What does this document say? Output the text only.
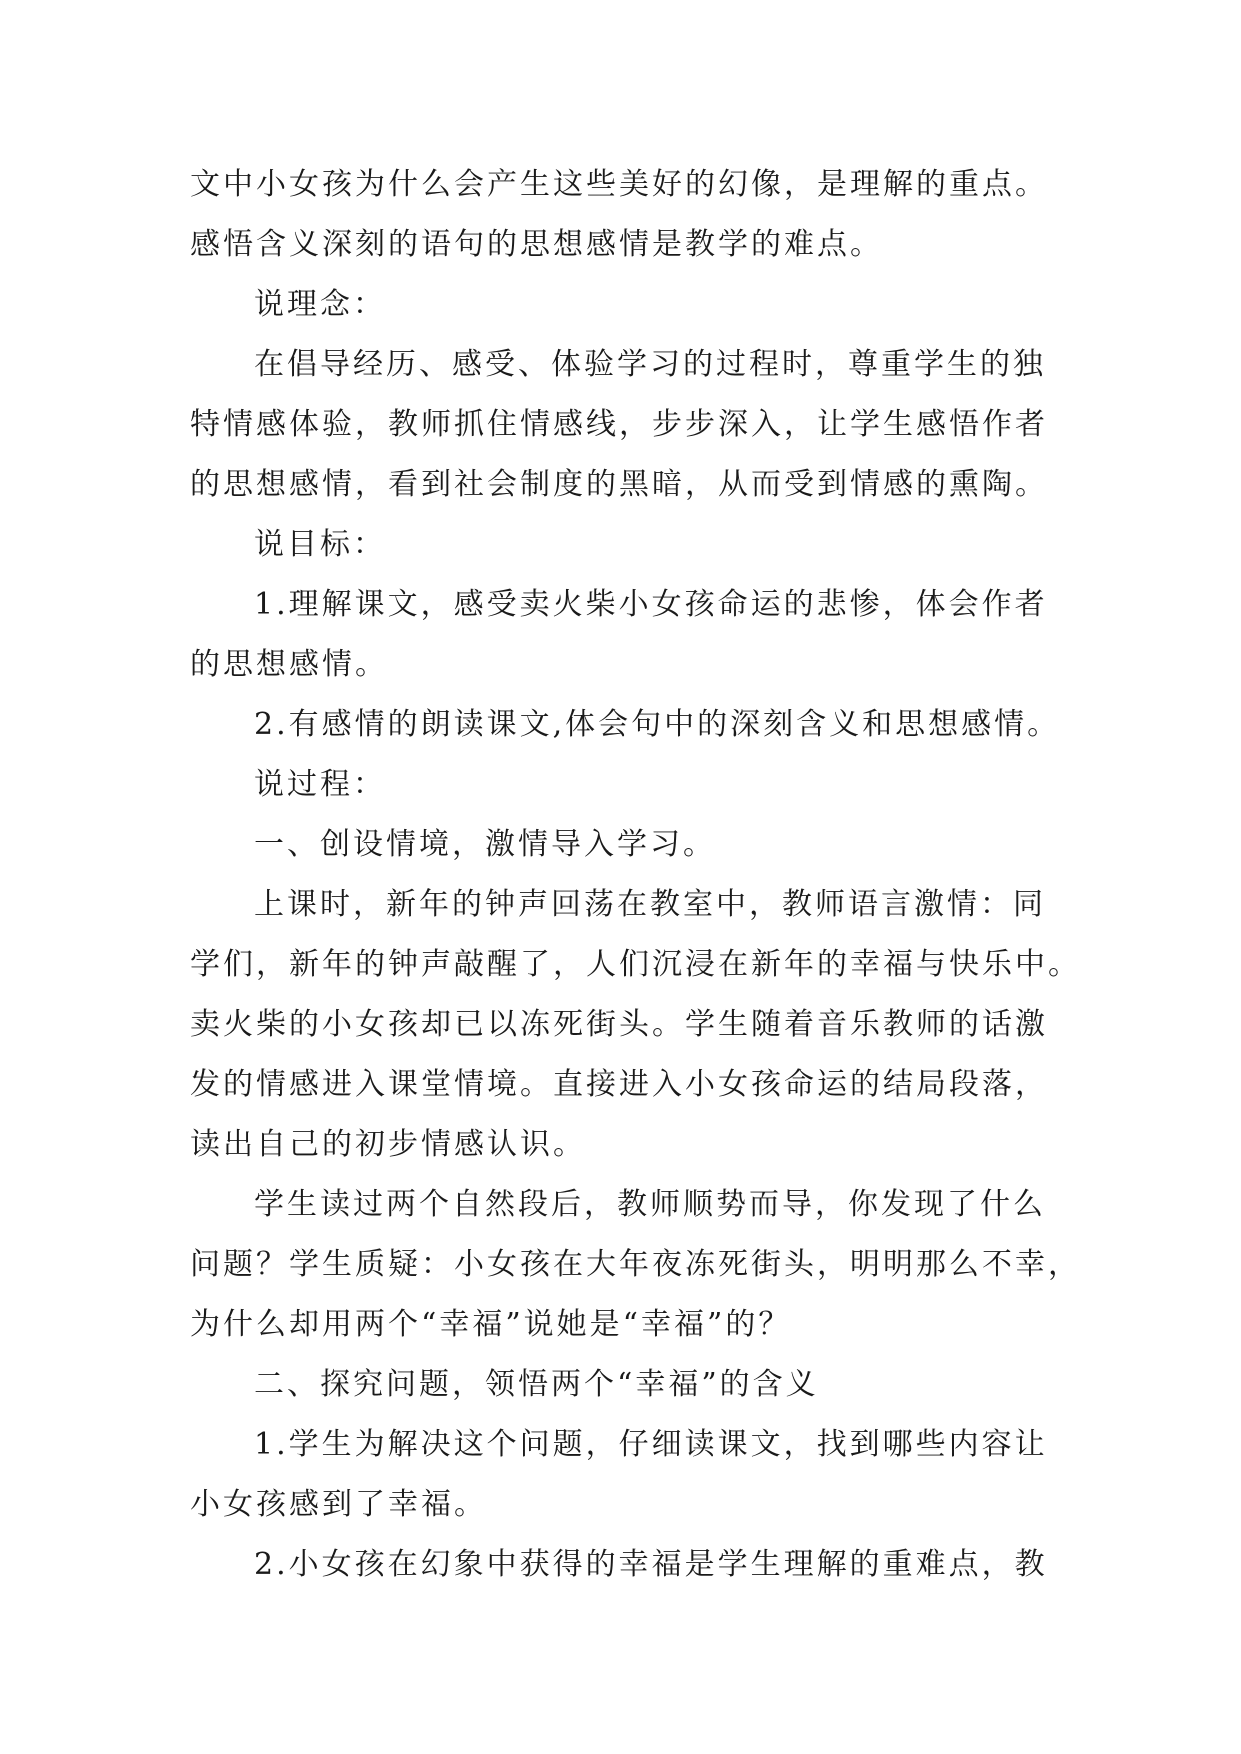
文中小女孩为什么会产生这些美好的幻像，是理解的重点。
感悟含义深刻的语句的思想感情是教学的难点。
说理念：
在倡导经历、感受、体验学习的过程时，尊重学生的独
特情感体验，教师抓住情感线，步步深入，让学生感悟作者
的思想感情，看到社会制度的黑暗，从而受到情感的熏陶。
说目标：
1.理解课文，感受卖火柴小女孩命运的悲惨，体会作者
的思想感情。
2.有感情的朗读课文,体会句中的深刻含义和思想感情。
说过程：
一、创设情境，激情导入学习。
上课时，新年的钟声回荡在教室中，教师语言激情：同
学们，新年的钟声敲醒了，人们沉浸在新年的幸福与快乐中。
卖火柴的小女孩却已以冻死街头。学生随着音乐教师的话激
发的情感进入课堂情境。直接进入小女孩命运的结局段落，
读出自己的初步情感认识。
学生读过两个自然段后，教师顺势而导，你发现了什么
问题？学生质疑：小女孩在大年夜冻死街头，明明那么不幸，
为什么却用两个“幸福”说她是“幸福”的？
二、探究问题，领悟两个“幸福”的含义
1.学生为解决这个问题，仔细读课文，找到哪些内容让
小女孩感到了幸福。
2.小女孩在幻象中获得的幸福是学生理解的重难点，教
